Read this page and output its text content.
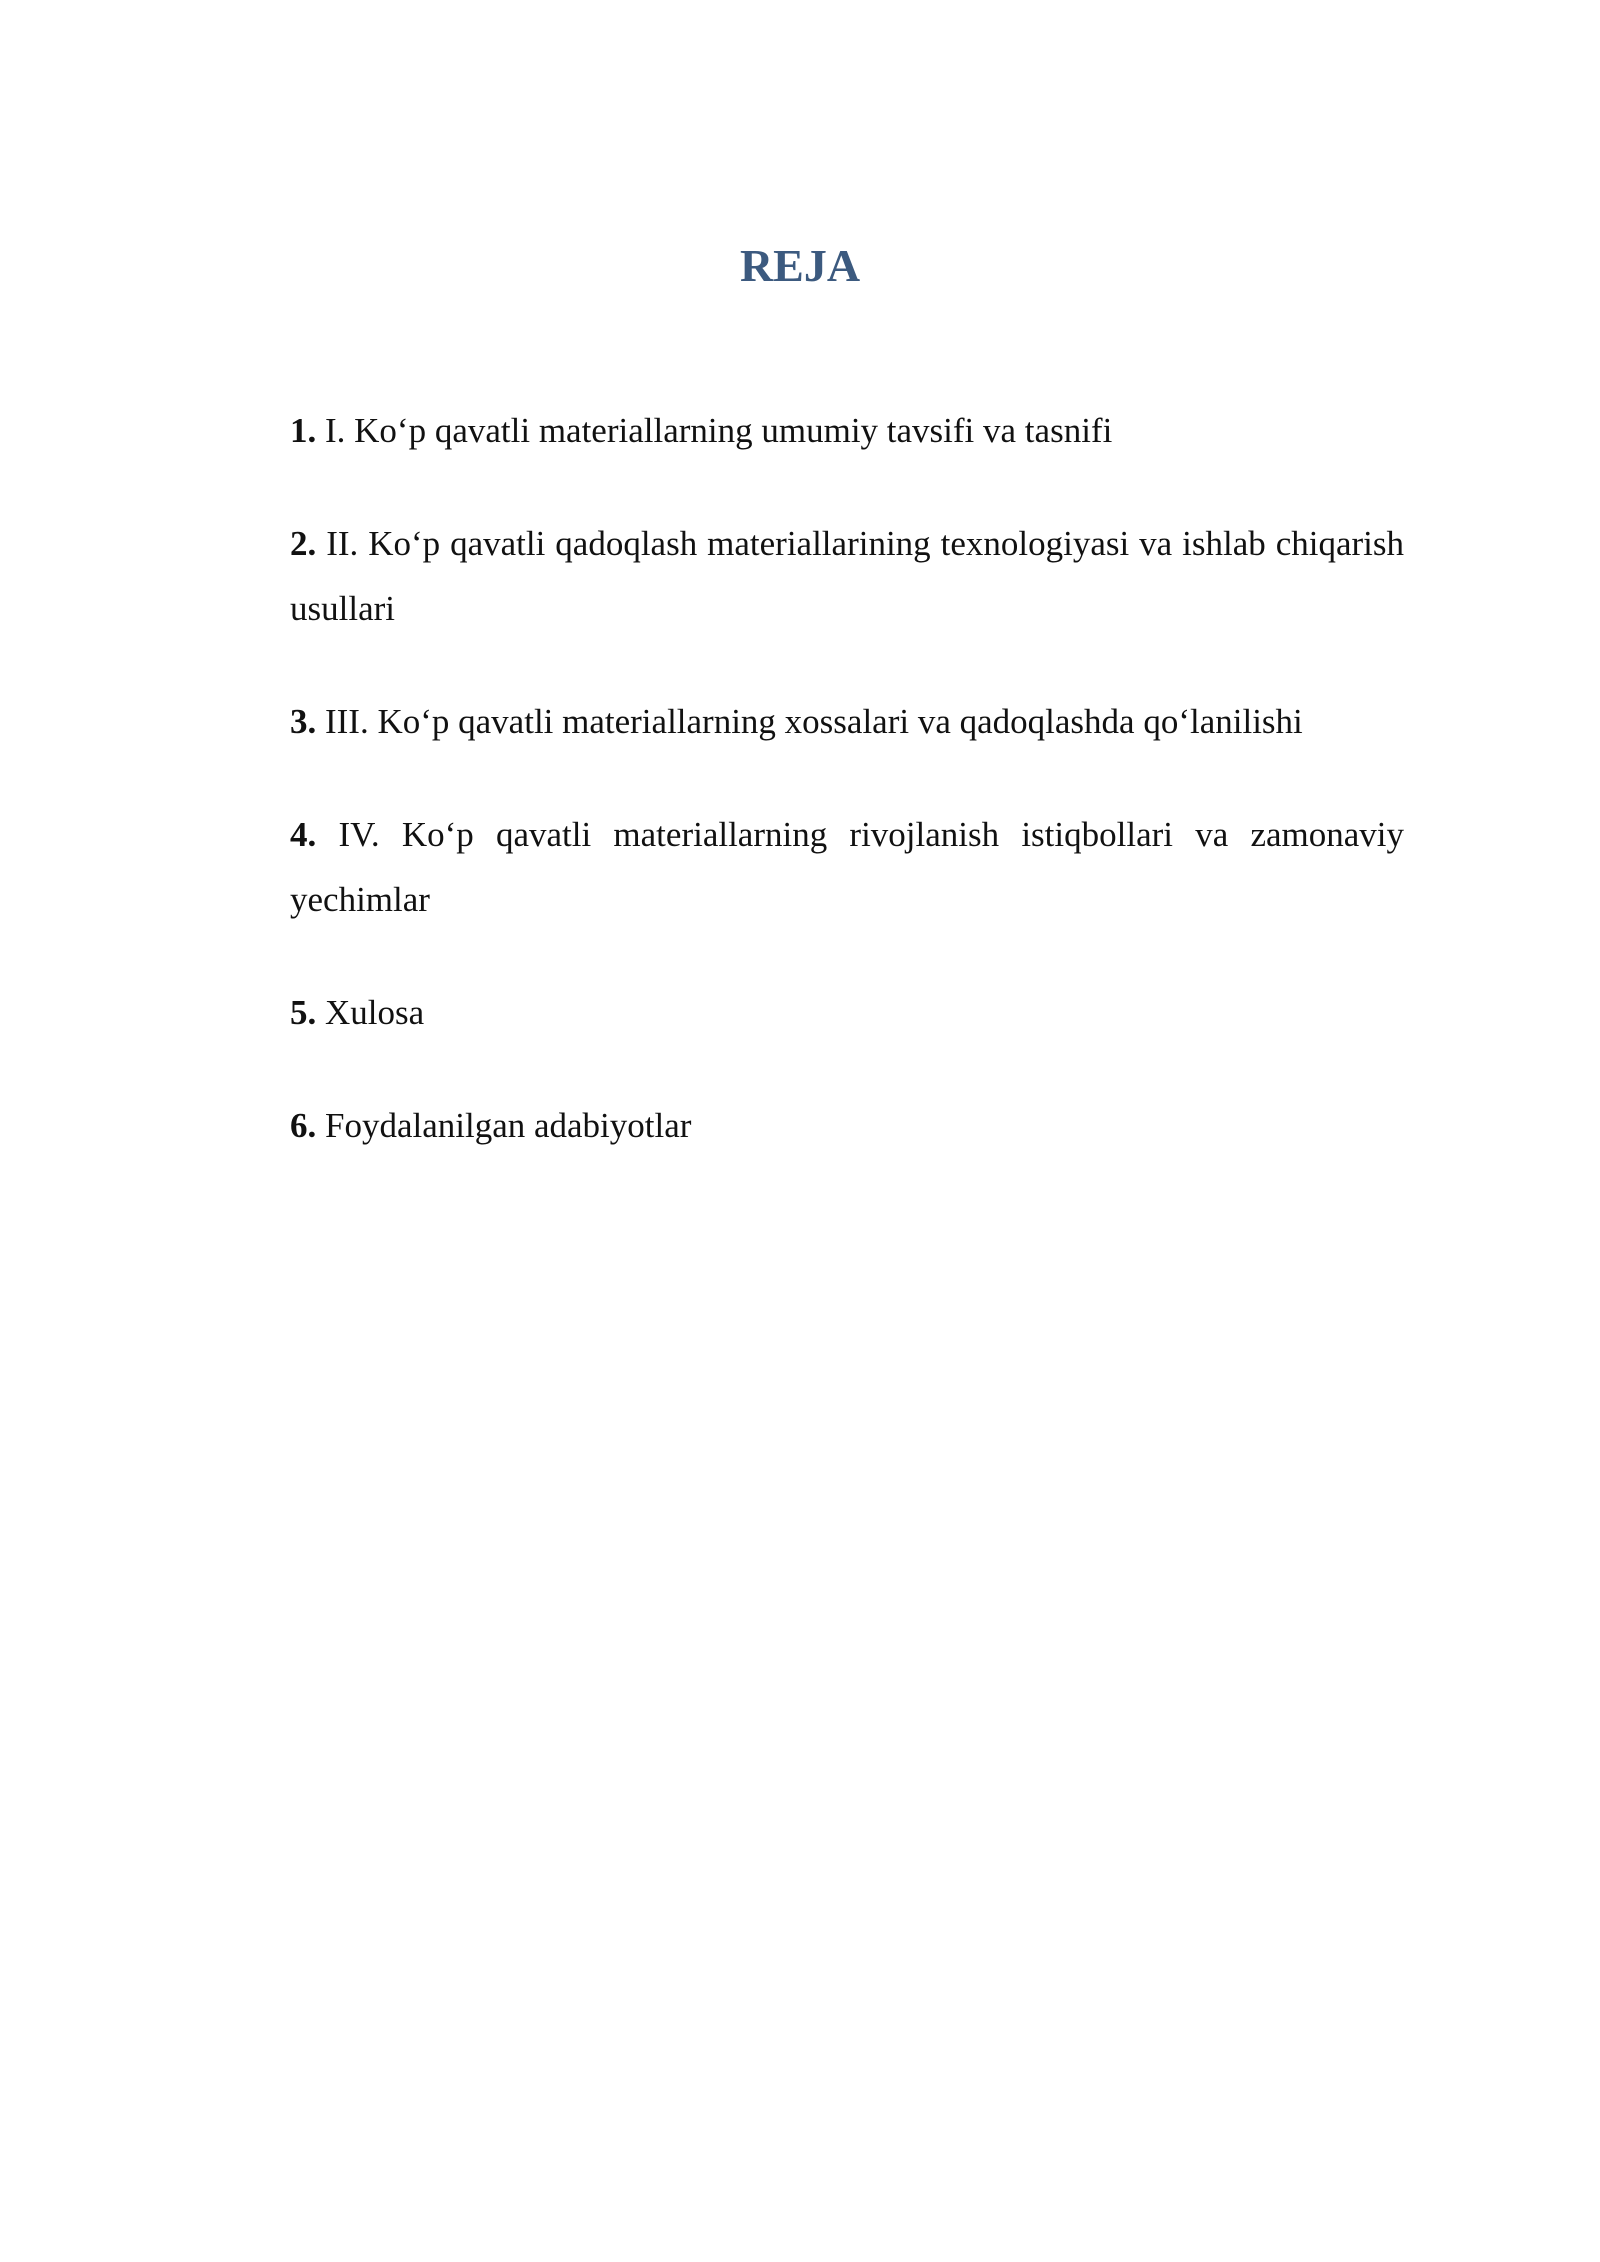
REJA
1. I. Ko‘p qavatli materiallarning umumiy tavsifi va tasnifi
2. II. Ko‘p qavatli qadoqlash materiallarining texnologiyasi va ishlab chiqarish usullari
3. III. Ko‘p qavatli materiallarning xossalari va qadoqlashda qo‘lanilishi
4. IV. Ko‘p qavatli materiallarning rivojlanish istiqbollari va zamonaviy yechimlar
5. Xulosa
6. Foydalanilgan adabiyotlar
